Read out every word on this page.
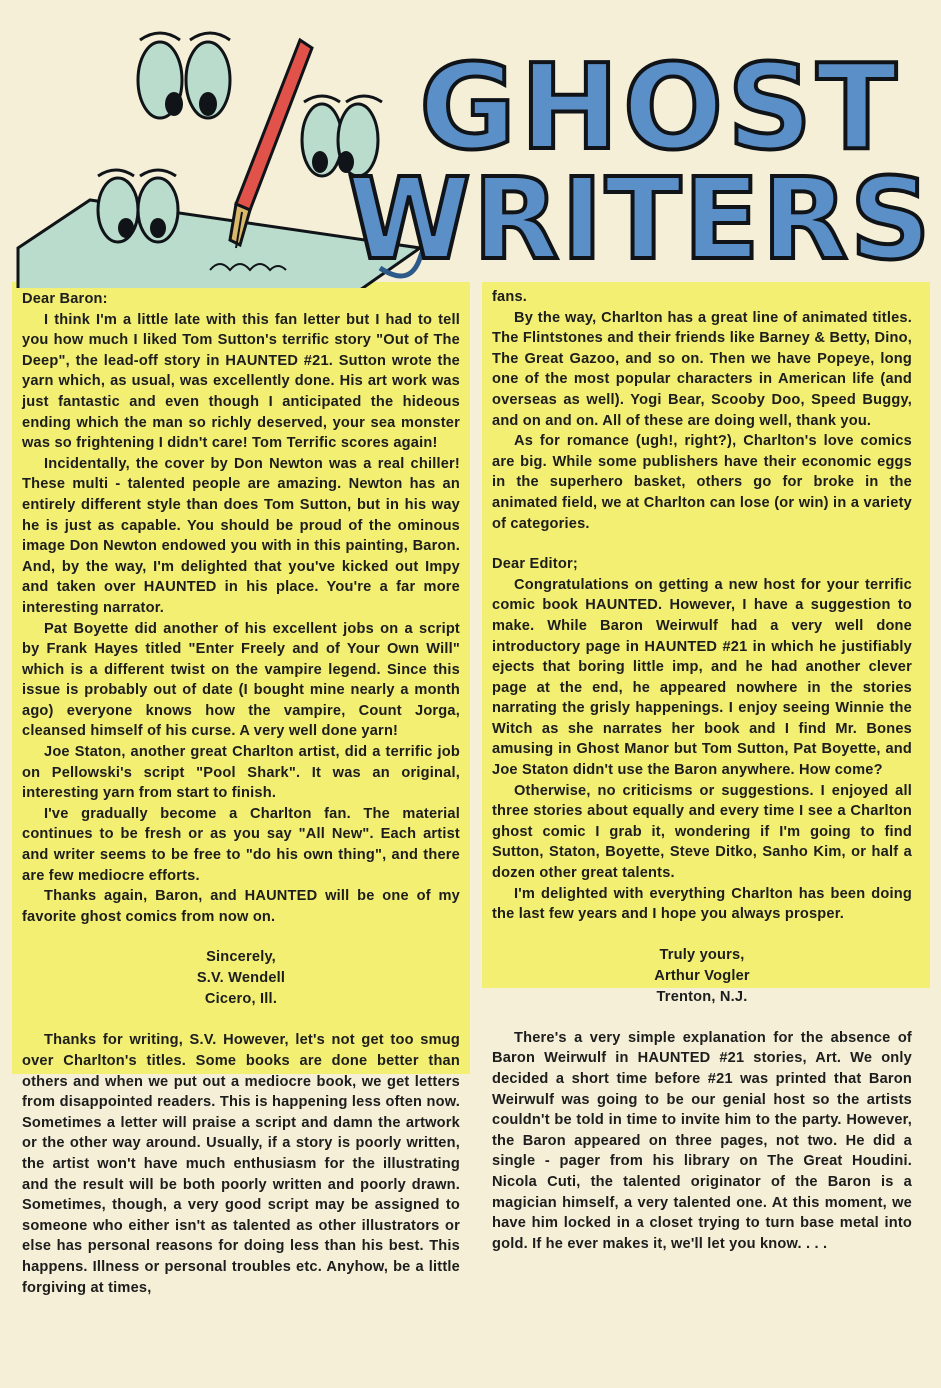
GHOST
WRITERS

Dear Baron:

I think I'm a little late with this fan letter but I had to tell you how much I liked Tom Sutton's terrific story "Out of The Deep", the lead-off story in HAUNTED #21. Sutton wrote the yarn which, as usual, was excellently done. His art work was just fantastic and even though I anticipated the hideous ending which the man so richly deserved, your sea monster was so frightening I didn't care! Tom Terrific scores again!

Incidentally, the cover by Don Newton was a real chiller! These multi - talented people are amazing. Newton has an entirely different style than does Tom Sutton, but in his way he is just as capable. You should be proud of the ominous image Don Newton endowed you with in this painting, Baron. And, by the way, I'm delighted that you've kicked out Impy and taken over HAUNTED in his place. You're a far more interesting narrator.

Pat Boyette did another of his excellent jobs on a script by Frank Hayes titled "Enter Freely and of Your Own Will" which is a different twist on the vampire legend. Since this issue is probably out of date (I bought mine nearly a month ago) everyone knows how the vampire, Count Jorga, cleansed himself of his curse. A very well done yarn!

Joe Staton, another great Charlton artist, did a terrific job on Pellowski's script "Pool Shark". It was an original, interesting yarn from start to finish.

I've gradually become a Charlton fan. The material continues to be fresh or as you say "All New". Each artist and writer seems to be free to "do his own thing", and there are few mediocre efforts.

Thanks again, Baron, and HAUNTED will be one of my favorite ghost comics from now on.

Sincerely,
S.V. Wendell
Cicero, Ill.

Thanks for writing, S.V. However, let's not get too smug over Charlton's titles. Some books are done better than others and when we put out a mediocre book, we get letters from disappointed readers. This is happening less often now. Sometimes a letter will praise a script and damn the artwork or the other way around. Usually, if a story is poorly written, the artist won't have much enthusiasm for the illustrating and the result will be both poorly written and poorly drawn. Sometimes, though, a very good script may be assigned to someone who either isn't as talented as other illustrators or else has personal reasons for doing less than his best. This happens. Illness or personal troubles etc. Anyhow, be a little forgiving at times,

fans.

By the way, Charlton has a great line of animated titles. The Flintstones and their friends like Barney & Betty, Dino, The Great Gazoo, and so on. Then we have Popeye, long one of the most popular characters in American life (and overseas as well). Yogi Bear, Scooby Doo, Speed Buggy, and on and on. All of these are doing well, thank you.

As for romance (ugh!, right?), Charlton's love comics are big. While some publishers have their economic eggs in the superhero basket, others go for broke in the animated field, we at Charlton can lose (or win) in a variety of categories.

Dear Editor;

Congratulations on getting a new host for your terrific comic book HAUNTED. However, I have a suggestion to make. While Baron Weirwulf had a very well done introductory page in HAUNTED #21 in which he justifiably ejects that boring little imp, and he had another clever page at the end, he appeared nowhere in the stories narrating the grisly happenings. I enjoy seeing Winnie the Witch as she narrates her book and I find Mr. Bones amusing in Ghost Manor but Tom Sutton, Pat Boyette, and Joe Staton didn't use the Baron anywhere. How come?

Otherwise, no criticisms or suggestions. I enjoyed all three stories about equally and every time I see a Charlton ghost comic I grab it, wondering if I'm going to find Sutton, Staton, Boyette, Steve Ditko, Sanho Kim, or half a dozen other great talents.

I'm delighted with everything Charlton has been doing the last few years and I hope you always prosper.

Truly yours,
Arthur Vogler
Trenton, N.J.

There's a very simple explanation for the absence of Baron Weirwulf in HAUNTED #21 stories, Art. We only decided a short time before #21 was printed that Baron Weirwulf was going to be our genial host so the artists couldn't be told in time to invite him to the party. However, the Baron appeared on three pages, not two. He did a single - pager from his library on The Great Houdini. Nicola Cuti, the talented originator of the Baron is a magician himself, a very talented one. At this moment, we have him locked in a closet trying to turn base metal into gold. If he ever makes it, we'll let you know. . . .
